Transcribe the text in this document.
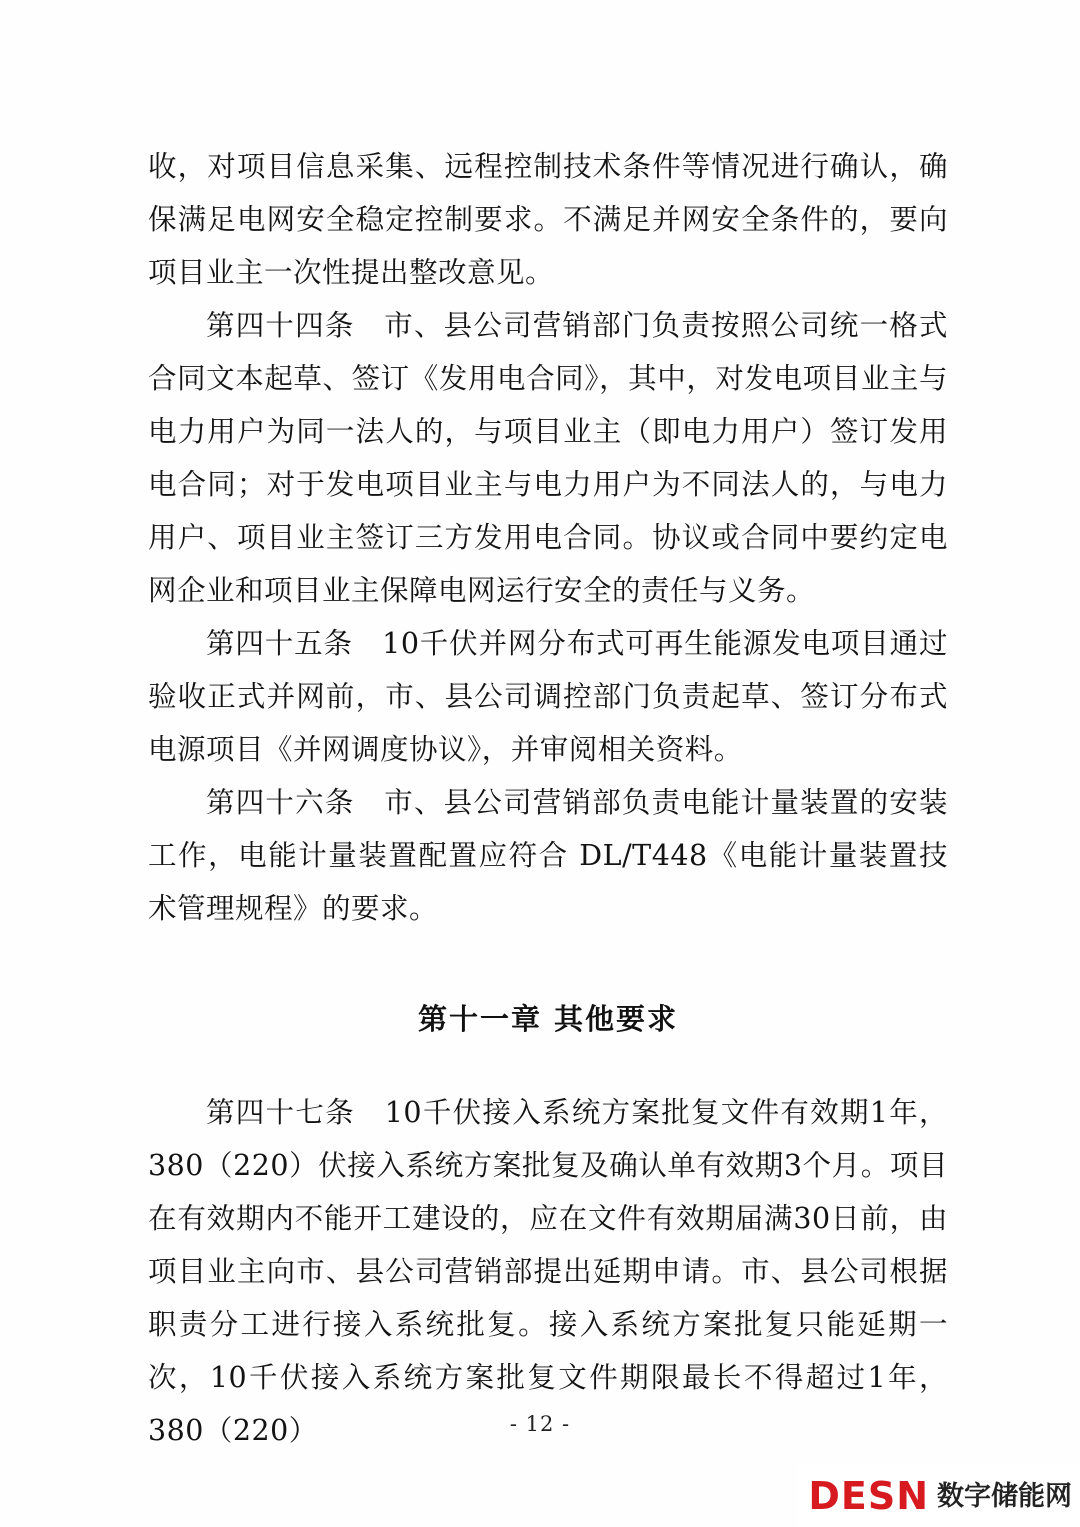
收，对项目信息采集、远程控制技术条件等情况进行确认，确保满足电网安全稳定控制要求。不满足并网安全条件的，要向项目业主一次性提出整改意见。

第四十四条　市、县公司营销部门负责按照公司统一格式合同文本起草、签订《发用电合同》，其中，对发电项目业主与电力用户为同一法人的，与项目业主（即电力用户）签订发用电合同；对于发电项目业主与电力用户为不同法人的，与电力用户、项目业主签订三方发用电合同。协议或合同中要约定电网企业和项目业主保障电网运行安全的责任与义务。

第四十五条　10千伏并网分布式可再生能源发电项目通过验收正式并网前，市、县公司调控部门负责起草、签订分布式电源项目《并网调度协议》，并审阅相关资料。

第四十六条　市、县公司营销部负责电能计量装置的安装工作，电能计量装置配置应符合 DL/T448《电能计量装置技术管理规程》的要求。

第十一章 其他要求

第四十七条　10千伏接入系统方案批复文件有效期1年，380（220）伏接入系统方案批复及确认单有效期3个月。项目在有效期内不能开工建设的，应在文件有效期届满30日前，由项目业主向市、县公司营销部提出延期申请。市、县公司根据职责分工进行接入系统批复。接入系统方案批复只能延期一次，10千伏接入系统方案批复文件期限最长不得超过1年，380（220）	- 12 -
DESN 数字储能网
